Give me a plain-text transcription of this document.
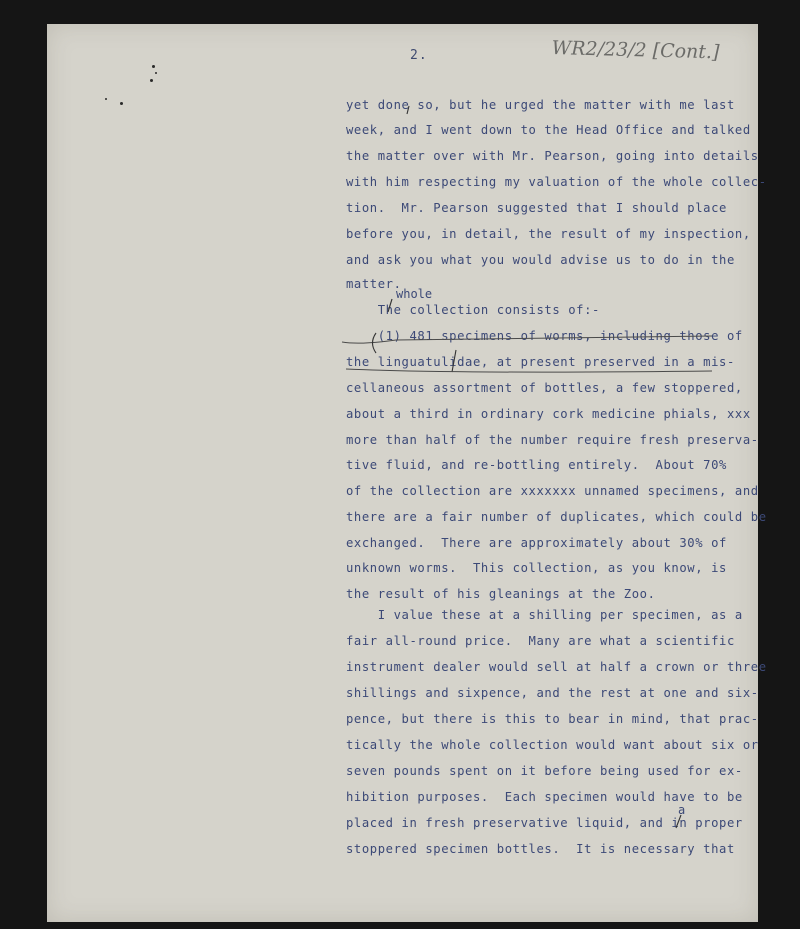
2.	WR2/23/2 [Cont.]
yet done so, but he urged the matter with me last
week, and I went down to the Head Office and talked
the matter over with Mr. Pearson, going into details
with him respecting my valuation of the whole collec-
tion.  Mr. Pearson suggested that I should place
before you, in detail, the result of my inspection,
and ask you what you would advise us to do in the
matter.
The collection consists of:-
(1) 481 specimens of worms, including those of
the linguatulidae, at present preserved in a mis-
cellaneous assortment of bottles, a few stoppered,
about a third in ordinary cork medicine phials, xxx
more than half of the number require fresh preserva-
tive fluid, and re-bottling entirely.  About 70%
of the collection are xxxxxxx unnamed specimens, and
there are a fair number of duplicates, which could be
exchanged.  There are approximately about 30% of
unknown worms.  This collection, as you know, is
the result of his gleanings at the Zoo.
I value these at a shilling per specimen, as a
fair all-round price.  Many are what a scientific
instrument dealer would sell at half a crown or three
shillings and sixpence, and the rest at one and six-
pence, but there is this to bear in mind, that prac-
tically the whole collection would want about six or
seven pounds spent on it before being used for ex-
hibition purposes.  Each specimen would have to be
placed in fresh preservative liquid, and in proper
stoppered specimen bottles.  It is necessary that
whole
a
